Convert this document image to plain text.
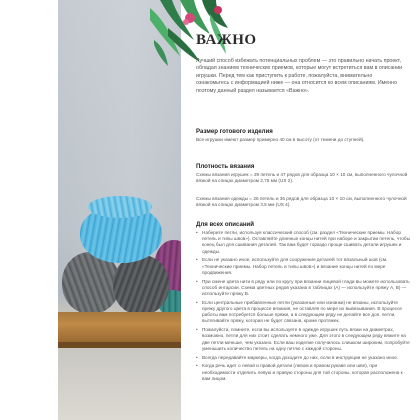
ВАЖНО
Лучший способ избежать потенциальных проблем — это правильно начать проект, обладая знанием технических приемов, которые могут встретиться вам в описании игрушки. Перед тем как приступить к работе, пожалуйста, внимательно ознакомьтесь с информацией ниже — она относится ко всем описаниям. Именно поэтому данный раздел называется «Важно».
Размер готового изделия
Все игрушки имеют размер примерно 40 см в высоту (от темени до ступней).
Плотность вязания
Схемы вязания игрушек = 29 петель и 47 рядов для образца 10 × 10 см, выполненного чулочной вязкой на спицах диаметром 2,75 мм (US 2).
Схемы вязания одежды = 26 петель и 36 рядов для образца 10 × 10 см, выполненного чулочной вязкой на спицах диаметром 3,5 мм (US 4).
Для всех описаний
• Наберите петли, используя классический способ (см. раздел «Технические приемы. Набор петель и типы швов»). Оставляйте длинные концы нитей при наборе и закрытии петель, чтобы конец был для сшивания деталей. Так вам будет гораздо проще сшивать детали игрушек и одежды.
• Если не указано иное, используйте для сооружения деталей тот вязальный шов (см. «Технические приемы. Набор петель и типы швов») и вязание концы нитей по мере продвижения.
• При смене цвета нити в ряду или по кругу при вязании лицевой глади вы можете использовать способ интарсии. Схема цветных рядов указана в таблицах (A) — используйте пряжу A, B) — используйте пряжу B.
• Если центральные прибавленные петли (указанные или изнанки) не вязаны, используйте пряжу другого цвета в процессе вязания, не оставляя по мере их вывязывания. В процессе работы вам потребуется больше пряжи, а в следующем ряду не делайте все доп. петли, вытягивайте пряжу, которая не будет связана, кроме протяжек.
• Пожалуйста, помните, если вы используете в одежде игрушек путь вязки на диаметрах, возможно, петли для них стоит сделать немного уже. Для этого в следующем ряду вяжите на две петли меньше, чем указано. Если ваш изделие получилось слишком широким, попробуйте уменьшить количество петель на одну петлю с каждой стороны.
• Всегда передавайте маркеры, когда доходите до них, если в инструкции не указано иное.
• Когда речь идет о левой и правой детали (левом и правом рукаве или шве), при необходимости отделить левую и правую стороны для той стороны, которая расположена к вам лицом.
